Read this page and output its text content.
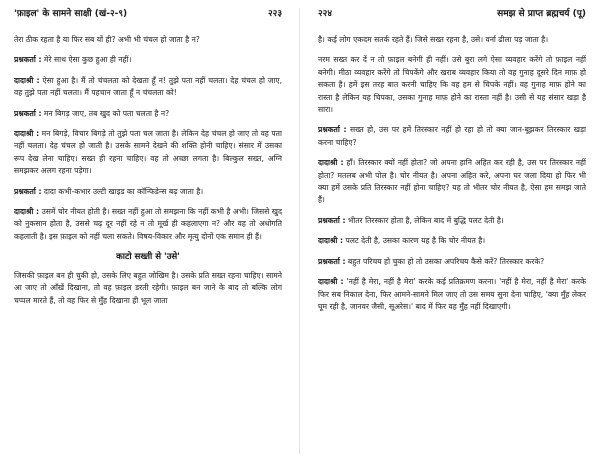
'फ़ाइल' के सामने साक्षी (खं-२-९)	२२३

तेरा ठीक रहता है या फिर सब यों ही? अभी भी चंचल हो जाता है न?

प्रश्नकर्ता : मेरे साथ ऐसा कुछ हुआ ही नहीं।

दादाश्री : ऐसा हुआ है। मैं तो चंचलता को देखता हूँ न! तुझे पता नहीं चलता। देह चंचल हो जाए, वह तुझे पता नहीं चलता। मैं पहचान जाता हूँ न चंचलता को!

प्रश्नकर्ता : मन बिगड़ जाए, तब खुद को पता चलता है न?

दादाश्री : मन बिगड़े, विचार बिगड़े तो तुझे पता चल जाता है। लेकिन देह चंचल हो जाए तो वह पता नहीं चलता। देह चंचल हो जाती है। उसके सामने देखने की शक्ति होनी चाहिए। संसार में उसका रूप देख लेना चाहिए। सख्त ही रहना चाहिए। वह तो अच्छा लगता है। बिल्कुल सख्त, अग्नि समझकर अलग रहना पड़ेगा।

प्रश्नकर्ता : दादा कभी-कभार उल्टी खाइड का कॉन्फिडेन्स बढ़ जाता है।

दादाश्री : उसमें चोर नीयत होती है। सख्त नहीं हुआ तो समझना कि नहीं कभी है अभी। जिससे खुद को नुकसान होता है, उससे चढ़ दूर नहीं रहे न तो मूर्ख ही कहलाएगा न? और वह तो अधोगति कहलाती है। इस फ़ाइल को नहीं चला सकते। विषय-विकार और मृत्यु दोनों एक समान ही हैं।

काटो सख्ती से 'उसे'

जिसकी फ़ाइल बन ही चुकी हो, उसके लिए बहुत जोखिम है। उसके प्रति सख्त रहना चाहिए। सामने आ जाए तो आँखें दिखाना, तो वह फ़ाइल डरती रहेगी। फ़ाइल बन जाने के बाद तो बल्कि लोग चप्पल मारते हैं, तो वह फिर से मुँह दिखाना ही भूल जाता

२२४	समझ से प्राप्त ब्रह्मचर्य (पू)

है। कई लोग एकदम सतर्क रहते हैं। जिसे सख्त रहना है, उसे। वर्ना ढीला पड़ जाता है।

नरम सख्त कर दें न तो फ़ाइल बनेगी ही नहीं। उसे बुरा लगे ऐसा व्यवहार करेंगे तो फ़ाइल नहीं बनेगी। मीठा व्यवहार करेंगे तो चिपकेंगे और खराब व्यवहार किया तो वह गुनाह दूसरे दिन माफ़ हो सकता है। हमें इस तरह बात करनी चाहिए कि वह हम से चिपके नहीं। वह गुनाह माफ़ होने का रास्ता है लेकिन यह चिपका, उसका गुनाह माफ़ होने का रास्ता नहीं है। उसी से यह संसार खड़ा है सारा।

प्रश्नकर्ता : सख्त हो, उस पर हमें तिरस्कार नहीं हो रहा हो तो क्या जान-बूझकर तिरस्कार खड़ा करना चाहिए?

दादाश्री : हाँ। तिरस्कार क्यों नहीं होता? जो अपना हानि अहित कर रही है, उस पर तिरस्कार नहीं होता? मतलब अभी पोल है। चोर नीयत है। अपना अहित करे, अपना घर जला दिया हो फिर भी क्या हमें उसके प्रति तिरस्कार नहीं होना चाहिए? यह तो भीतर चोर नीयत है, ऐसा हम समझ जाते हैं।

प्रश्नकर्ता : भीतर तिरस्कार होता है, लेकिन बाद में बुद्धि पलट देती है।

दादाश्री : पलट देती है, उसका कारण यह है कि चोर नीयत है।

प्रश्नकर्ता : बहुत परिचय हो चुका हो तो उसका अपरिचय कैसे करें? तिरस्कार करके?

दादाश्री : 'नहीं है मेरा, नहीं है मेरा' करके कई प्रतिक्रमण करना। 'नहीं है मेरा, नहीं है मेरा' करके फिर सब निकाल देना, फिर आमने-सामने मिल जाए तो उस समय सुना देना चाहिए, 'क्या मुँह लेकर घूम रही है, जानवर जैसी, सूअरेस।' बाद में फिर वह मुँह नहीं दिखाएगी।
